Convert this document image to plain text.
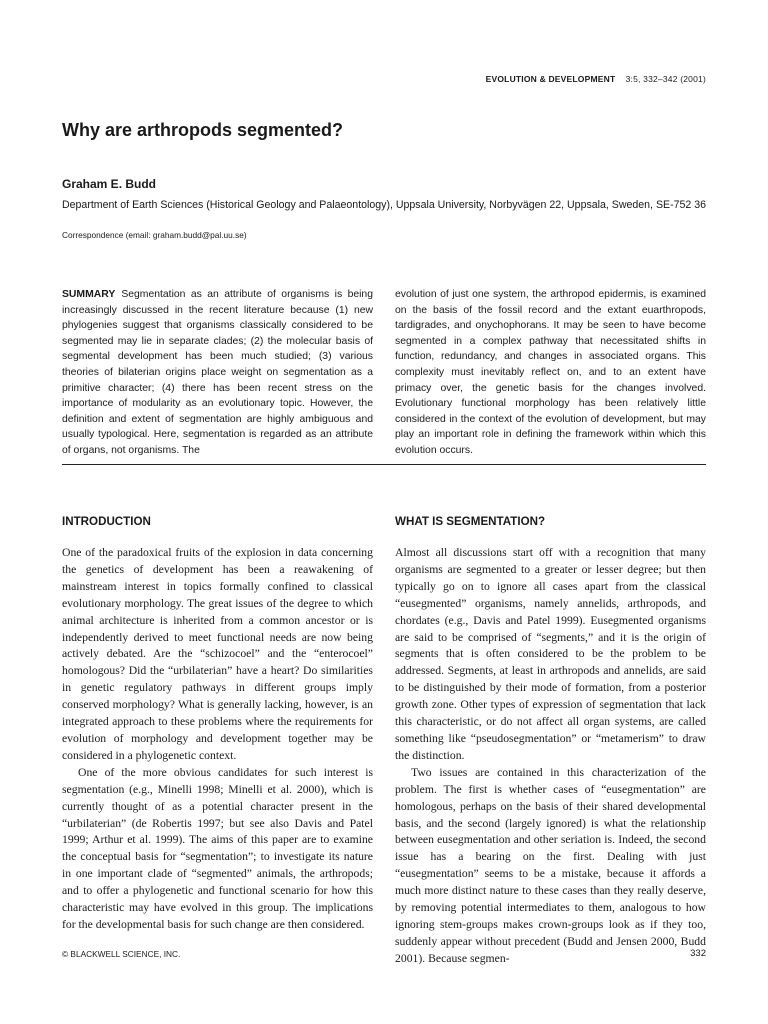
EVOLUTION & DEVELOPMENT 3:5, 332–342 (2001)
Why are arthropods segmented?
Graham E. Budd
Department of Earth Sciences (Historical Geology and Palaeontology), Uppsala University, Norbyvägen 22, Uppsala, Sweden, SE-752 36
Correspondence (email: graham.budd@pal.uu.se)
SUMMARY Segmentation as an attribute of organisms is being increasingly discussed in the recent literature because (1) new phylogenies suggest that organisms classically considered to be segmented may lie in separate clades; (2) the molecular basis of segmental development has been much studied; (3) various theories of bilaterian origins place weight on segmentation as a primitive character; (4) there has been recent stress on the importance of modularity as an evolutionary topic. However, the definition and extent of segmentation are highly ambiguous and usually typological. Here, segmentation is regarded as an attribute of organs, not organisms. The
evolution of just one system, the arthropod epidermis, is examined on the basis of the fossil record and the extant euarthropods, tardigrades, and onychophorans. It may be seen to have become segmented in a complex pathway that necessitated shifts in function, redundancy, and changes in associated organs. This complexity must inevitably reflect on, and to an extent have primacy over, the genetic basis for the changes involved. Evolutionary functional morphology has been relatively little considered in the context of the evolution of development, but may play an important role in defining the framework within which this evolution occurs.
INTRODUCTION	WHAT IS SEGMENTATION?

One of the paradoxical fruits of the explosion in data concerning the genetics of development has been a reawakening of mainstream interest in topics formally confined to classical evolutionary morphology. The great issues of the degree to which animal architecture is inherited from a common ancestor or is independently derived to meet functional needs are now being actively debated. Are the “schizocoel” and the “enterocoel” homologous? Did the “urbilaterian” have a heart? Do similarities in genetic regulatory pathways in different groups imply conserved morphology? What is generally lacking, however, is an integrated approach to these problems where the requirements for evolution of morphology and development together may be considered in a phylogenetic context.

One of the more obvious candidates for such interest is segmentation (e.g., Minelli 1998; Minelli et al. 2000), which is currently thought of as a potential character present in the “urbilaterian” (de Robertis 1997; but see also Davis and Patel 1999; Arthur et al. 1999). The aims of this paper are to examine the conceptual basis for “segmentation”; to investigate its nature in one important clade of “segmented” animals, the arthropods; and to offer a phylogenetic and functional scenario for how this characteristic may have evolved in this group. The implications for the developmental basis for such change are then considered.

Almost all discussions start off with a recognition that many organisms are segmented to a greater or lesser degree; but then typically go on to ignore all cases apart from the classical “eusegmented” organisms, namely annelids, arthropods, and chordates (e.g., Davis and Patel 1999). Eusegmented organisms are said to be comprised of “segments,” and it is the origin of segments that is often considered to be the problem to be addressed. Segments, at least in arthropods and annelids, are said to be distinguished by their mode of formation, from a posterior growth zone. Other types of expression of segmentation that lack this characteristic, or do not affect all organ systems, are called something like “pseudosegmentation” or “metamerism” to draw the distinction.

Two issues are contained in this characterization of the problem. The first is whether cases of “eusegmentation” are homologous, perhaps on the basis of their shared developmental basis, and the second (largely ignored) is what the relationship between eusegmentation and other seriation is. Indeed, the second issue has a bearing on the first. Dealing with just “eusegmentation” seems to be a mistake, because it affords a much more distinct nature to these cases than they really deserve, by removing potential intermediates to them, analogous to how ignoring stem-groups makes crown-groups look as if they too, suddenly appear without precedent (Budd and Jensen 2000, Budd 2001). Because segmen-

© BLACKWELL SCIENCE, INC.	332
